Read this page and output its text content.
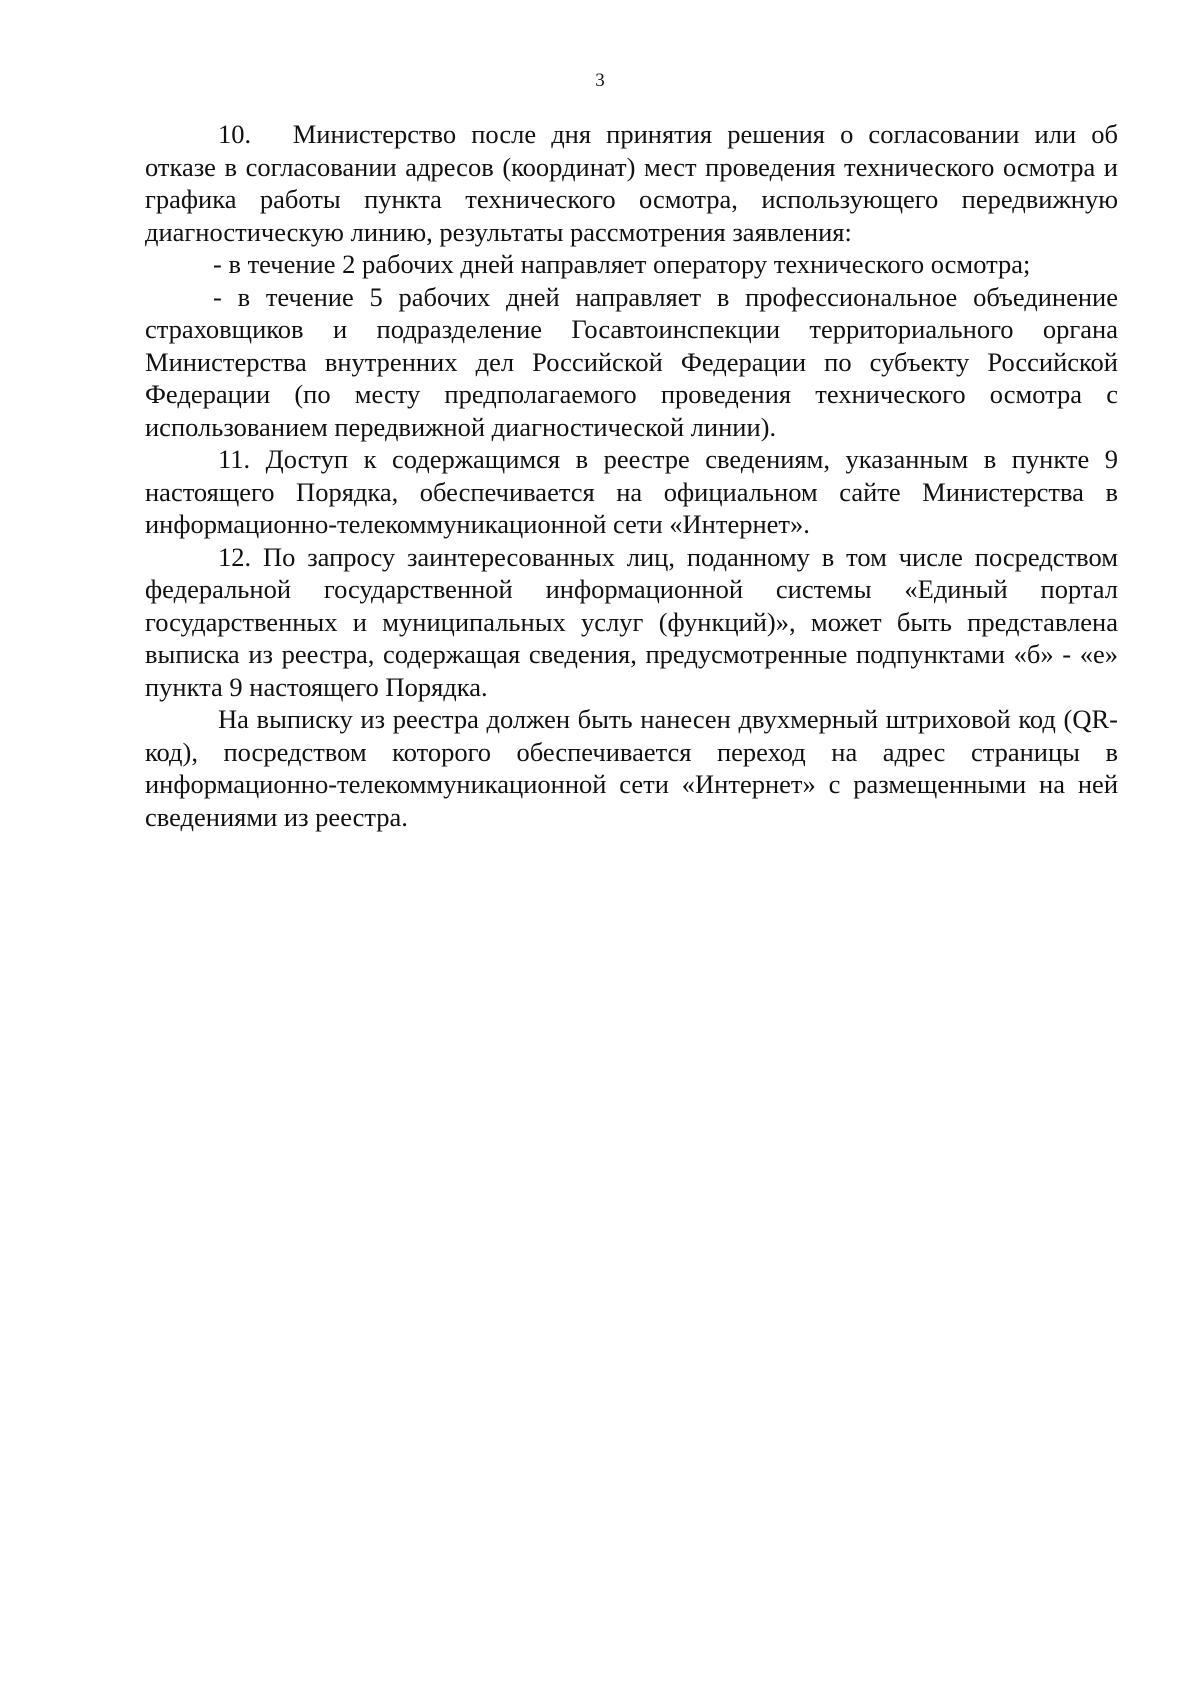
3

10.  Министерство после дня принятия решения о согласовании или об отказе в согласовании адресов (координат) мест проведения технического осмотра и графика работы пункта технического осмотра, использующего передвижную диагностическую линию, результаты рассмотрения заявления:

- в течение 2 рабочих дней направляет оператору технического осмотра;

- в течение 5 рабочих дней направляет в профессиональное объединение страховщиков и подразделение Госавтоинспекции территориального органа Министерства внутренних дел Российской Федерации по субъекту Российской Федерации (по месту предполагаемого проведения технического осмотра с использованием передвижной диагностической линии).

11. Доступ к содержащимся в реестре сведениям, указанным в пункте 9 настоящего Порядка, обеспечивается на официальном сайте Министерства в информационно-телекоммуникационной сети «Интернет».

12. По запросу заинтересованных лиц, поданному в том числе посредством федеральной государственной информационной системы «Единый портал государственных и муниципальных услуг (функций)», может быть представлена выписка из реестра, содержащая сведения, предусмотренные подпунктами «б» - «е» пункта 9 настоящего Порядка.

На выписку из реестра должен быть нанесен двухмерный штриховой код (QR-код), посредством которого обеспечивается переход на адрес страницы в информационно-телекоммуникационной сети «Интернет» с размещенными на ней сведениями из реестра.
